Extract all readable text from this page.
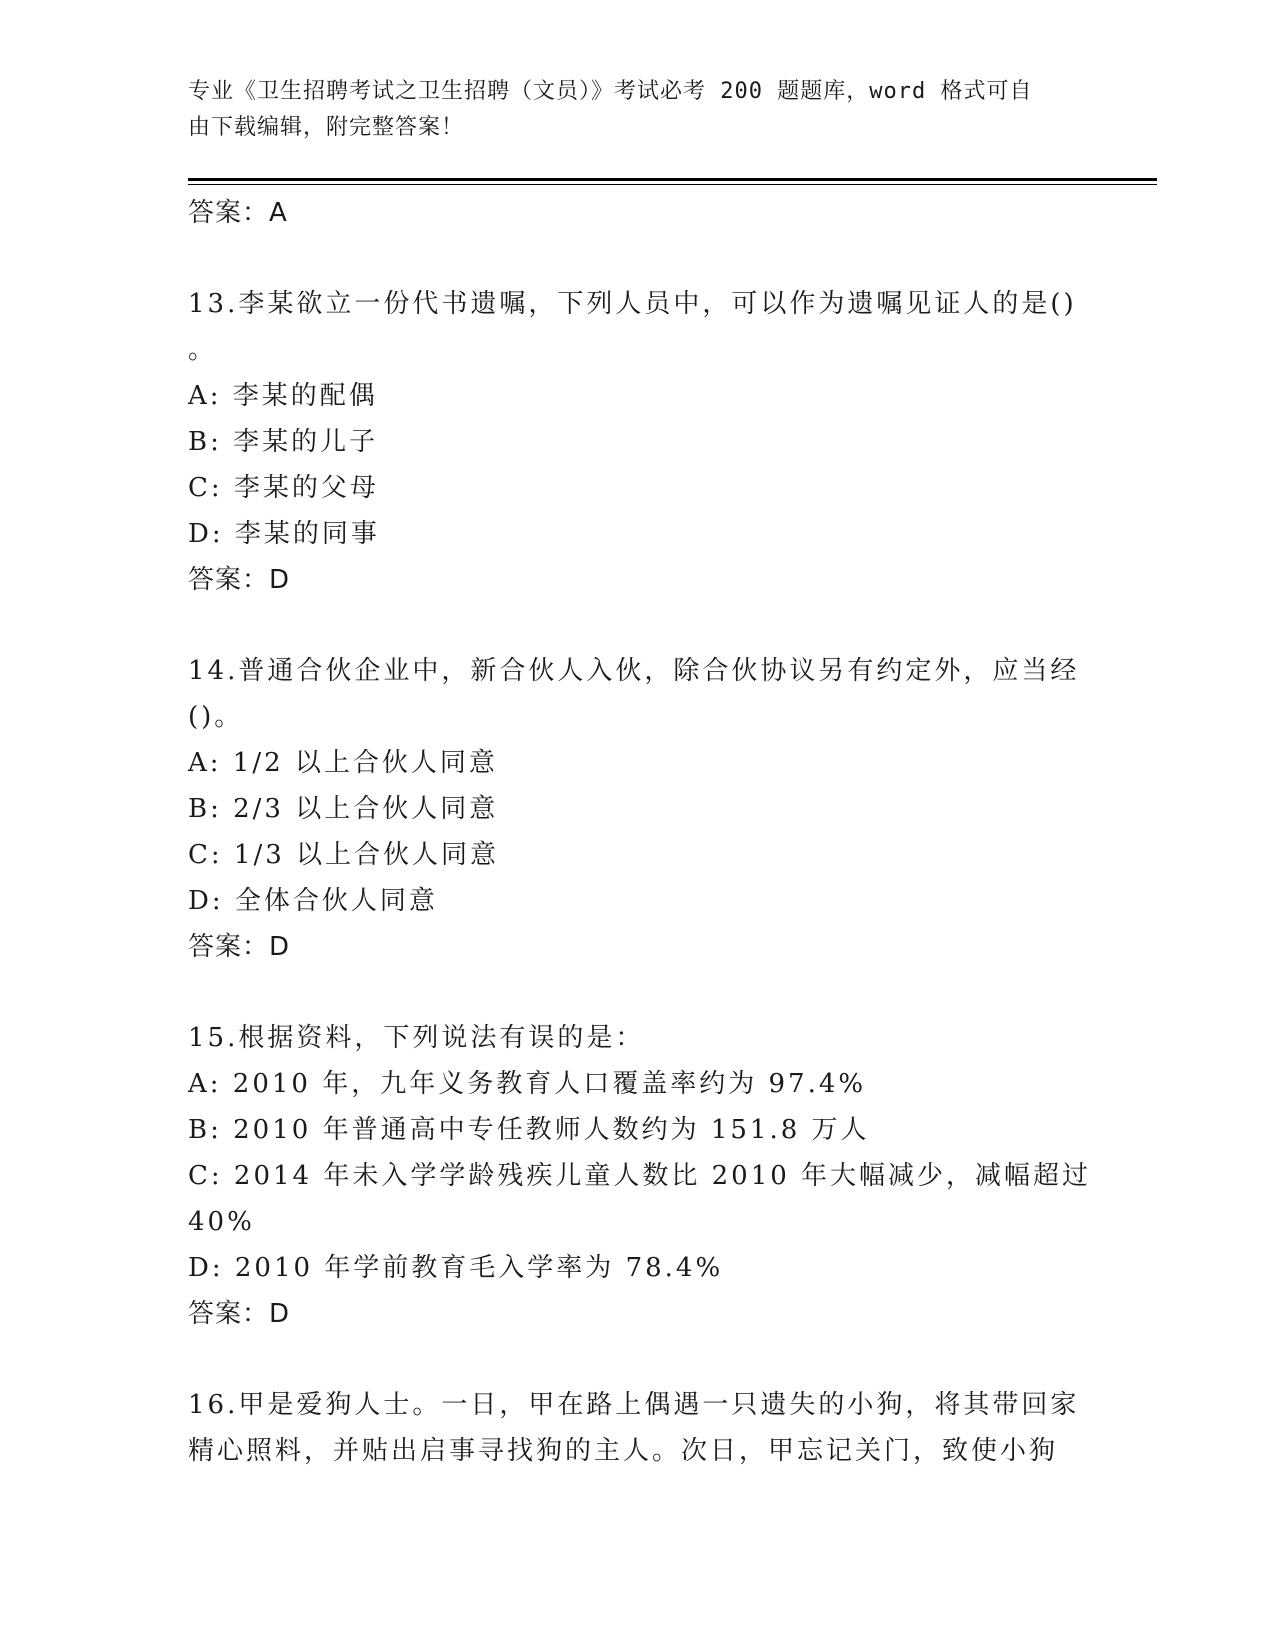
专业《卫生招聘考试之卫生招聘（文员）》考试必考 200 题题库，word 格式可自
由下载编辑，附完整答案！
答案：A
13.李某欲立一份代书遗嘱，下列人员中，可以作为遗嘱见证人的是()
。
A: 李某的配偶
B: 李某的儿子
C: 李某的父母
D: 李某的同事
答案：D
14.普通合伙企业中，新合伙人入伙，除合伙协议另有约定外，应当经
()。
A: 1/2 以上合伙人同意
B: 2/3 以上合伙人同意
C: 1/3 以上合伙人同意
D: 全体合伙人同意
答案：D
15.根据资料，下列说法有误的是：
A: 2010 年，九年义务教育人口覆盖率约为 97.4%
B: 2010 年普通高中专任教师人数约为 151.8 万人
C: 2014 年未入学学龄残疾儿童人数比 2010 年大幅减少，减幅超过
40%
D: 2010 年学前教育毛入学率为 78.4%
答案：D
16.甲是爱狗人士。一日，甲在路上偶遇一只遗失的小狗，将其带回家
精心照料，并贴出启事寻找狗的主人。次日，甲忘记关门，致使小狗
